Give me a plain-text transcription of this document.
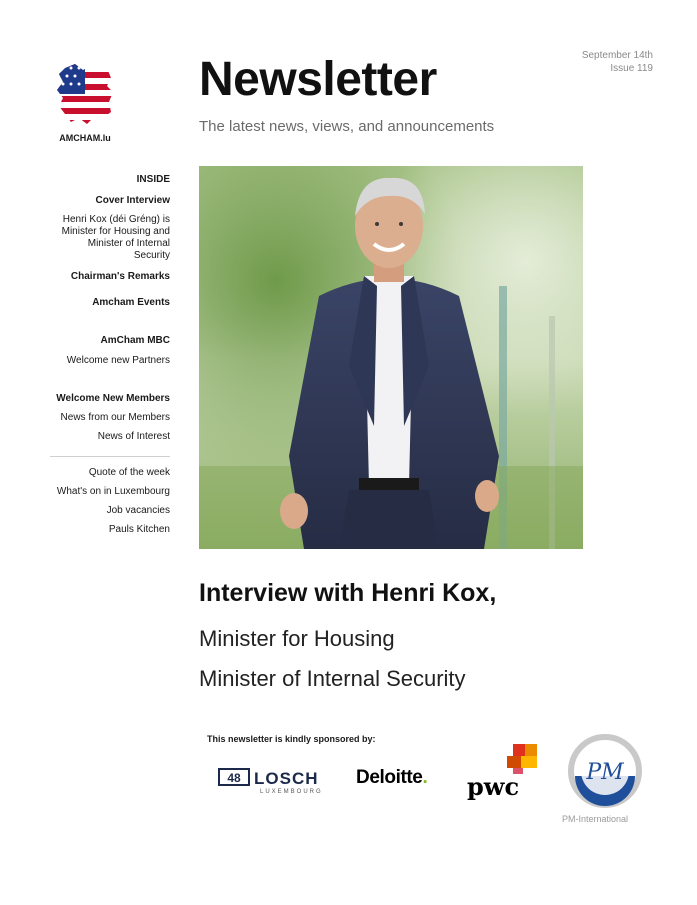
AMCHAM.lu
September 14th
Issue 119
Newsletter
The latest news, views, and announcements
INSIDE
Cover Interview
Henri Kox (déi Gréng) is
Minister for Housing and
Minister of Internal
Security
Chairman's Remarks
Amcham Events
AmCham MBC
Welcome new Partners
Welcome New Members
News from our Members
News of Interest
Quote of the week
What's on in Luxembourg
Job vacancies
Pauls Kitchen
Interview with Henri Kox,
Minister for Housing
Minister of Internal Security
This newsletter is kindly sponsored by:
48 LOSCH
LUXEMBOURG
Deloitte. pwc	PM
PM-International
